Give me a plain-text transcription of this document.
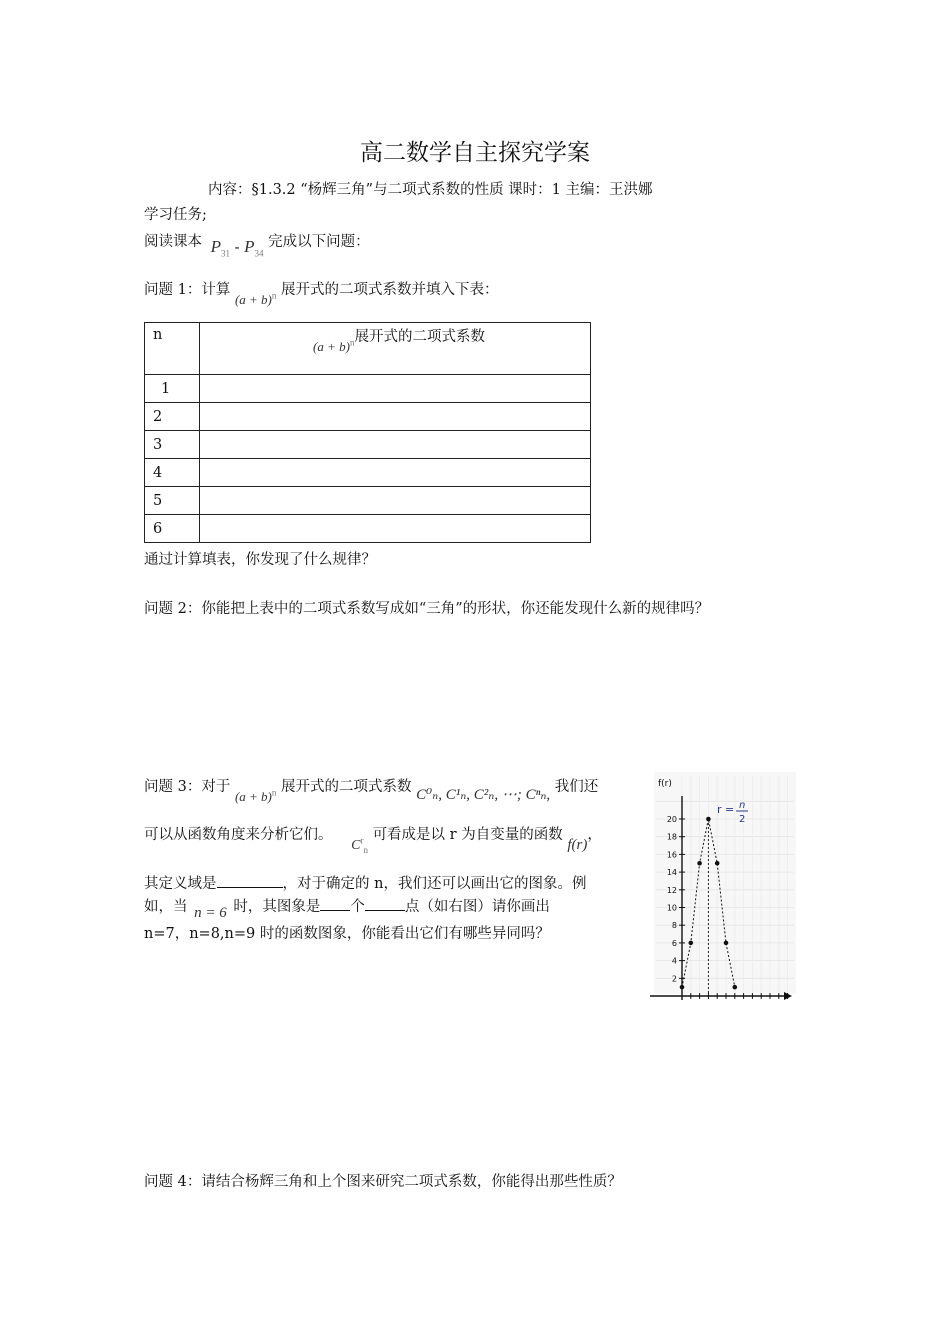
高二数学自主探究学案
内容：§1.3.2 “杨辉三角”与二项式系数的性质 课时：1 主编：王洪娜
学习任务;
阅读课本 $P_{31} - P_{34}$ 完成以下问题：
问题 1：计算 $(a + b)^n$ 展开式的二项式系数并填入下表：
n	$(a + b)^n$展开式的二项式系数
1	
2	
3	
4	
5	
6	
通过计算填表，你发现了什么规律？
问题 2：你能把上表中的二项式系数写成如“三角”的形状，你还能发现什么新的规律吗？
问题 3：对于 $(a + b)^n$ 展开式的二项式系数 C⁰ₙ, C¹ₙ, C²ₙ, ⋯; Cⁿₙ, 我们还
可以从函数角度来分析它们。 $C^r_n$ 可看成是以 r 为自变量的函数 f(r)，
其定义域是	，对于确定的 n，我们还可以画出它的图象。例
如，当 n = 6 时，其图象是 个	点（如右图）请你画出
n=7，n=8,n=9 时的函数图象，你能看出它们有哪些异同吗？
2
4
6
8
10
12
14
16
18
20
f(r)
r = n
2
问题 4：请结合杨辉三角和上个图来研究二项式系数，你能得出那些性质？
